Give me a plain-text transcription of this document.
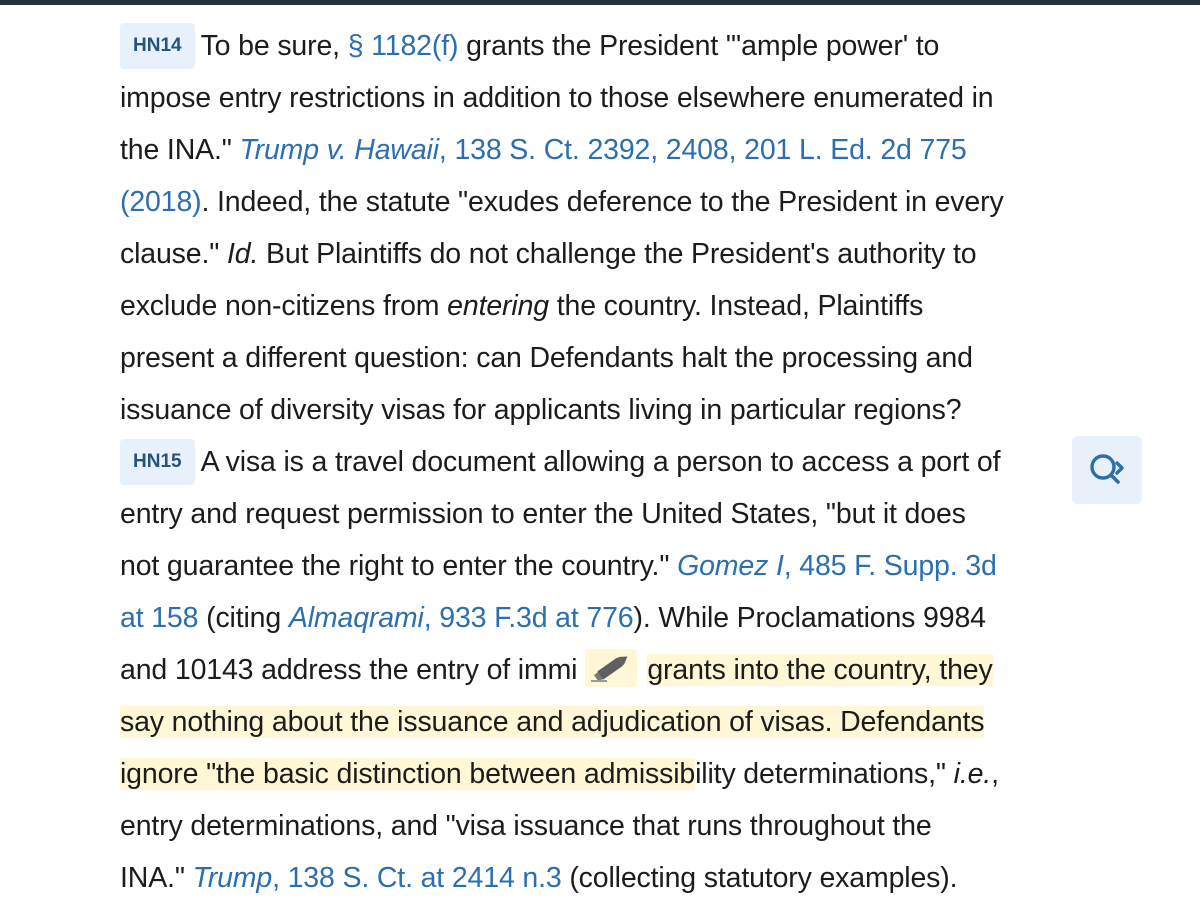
HN14 To be sure, § 1182(f) grants the President "'ample power' to
impose entry restrictions in addition to those elsewhere enumerated in
the INA." Trump v. Hawaii, 138 S. Ct. 2392, 2408, 201 L. Ed. 2d 775
(2018). Indeed, the statute "exudes deference to the President in every
clause." Id. But Plaintiffs do not challenge the President's authority to
exclude non-citizens from entering the country. Instead, Plaintiffs
present a different question: can Defendants halt the processing and
issuance of diversity visas for applicants living in particular regions?
HN15 A visa is a travel document allowing a person to access a port of
entry and request permission to enter the United States, "but it does
not guarantee the right to enter the country." Gomez I, 485 F. Supp. 3d
at 158 (citing Almaqrami, 933 F.3d at 776). While Proclamations 9984
and 10143 address the entry of immi grants into the country, they
say nothing about the issuance and adjudication of visas. Defendants
ignore "the basic distinction between admissibility determinations," i.e.,
entry determinations, and "visa issuance that runs throughout the
INA." Trump, 138 S. Ct. at 2414 n.3 (collecting statutory examples).
